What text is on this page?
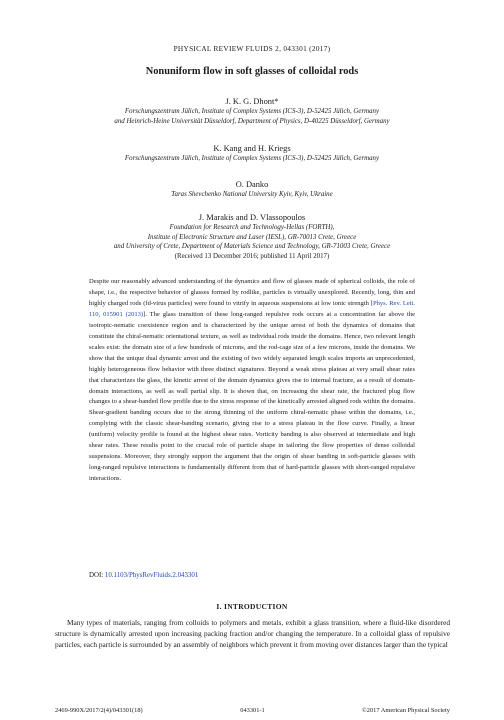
PHYSICAL REVIEW FLUIDS 2, 043301 (2017)
Nonuniform flow in soft glasses of colloidal rods
J. K. G. Dhont*
Forschungszentrum Jülich, Institute of Complex Systems (ICS-3), D-52425 Jülich, Germany
and Heinrich-Heine Universität Düsseldorf, Department of Physics, D-40225 Düsseldorf, Germany
K. Kang and H. Kriegs
Forschungszentrum Jülich, Institute of Complex Systems (ICS-3), D-52425 Jülich, Germany
O. Danko
Taras Shevchenko National University Kyiv, Kyiv, Ukraine
J. Marakis and D. Vlassopoulos
Foundation for Research and Technology-Hellas (FORTH),
Institute of Electronic Structure and Laser (IESL), GR-70013 Crete, Greece
and University of Crete, Department of Materials Science and Technology, GR-71003 Crete, Greece
(Received 13 December 2016; published 11 April 2017)
Despite our reasonably advanced understanding of the dynamics and flow of glasses made of spherical colloids, the role of shape, i.e., the respective behavior of glasses formed by rodlike, particles is virtually unexplored. Recently, long, thin and highly charged rods (fd-virus particles) were found to vitrify in aqueous suspensions at low ionic strength [Phys. Rev. Lett. 110, 015901 (2013)]. The glass transition of these long-ranged repulsive rods occurs at a concentration far above the isotropic-nematic coexistence region and is characterized by the unique arrest of both the dynamics of domains that constitute the chiral-nematic orientational texture, as well as individual rods inside the domains. Hence, two relevant length scales exist: the domain size of a few hundreds of microns, and the rod-cage size of a few microns, inside the domains. We show that the unique dual dynamic arrest and the existing of two widely separated length scales imports an unprecedented, highly heterogeneous flow behavior with three distinct signatures. Beyond a weak stress plateau at very small shear rates that characterizes the glass, the kinetic arrest of the domain dynamics gives rise to internal fracture, as a result of domain-domain interactions, as well as wall partial slip. It is shown that, on increasing the shear rate, the fractured plug flow changes to a shear-banded flow profile due to the stress response of the kinetically arrested aligned rods within the domains. Shear-gradient banding occurs due to the strong thinning of the uniform chiral-nematic phase within the domains, i.e., complying with the classic shear-banding scenario, giving rise to a stress plateau in the flow curve. Finally, a linear (uniform) velocity profile is found at the highest shear rates. Vorticity banding is also observed at intermediate and high shear rates. These results point to the crucial role of particle shape in tailoring the flow properties of dense colloidal suspensions. Moreover, they strongly support the argument that the origin of shear banding in soft-particle glasses with long-ranged repulsive interactions is fundamentally different from that of hard-particle glasses with short-ranged repulsive interactions.
DOI: 10.1103/PhysRevFluids.2.043301
I. INTRODUCTION
Many types of materials, ranging from colloids to polymers and metals, exhibit a glass transition, where a fluid-like disordered structure is dynamically arrested upon increasing packing fraction and/or changing the temperature. In a colloidal glass of repulsive particles, each particle is surrounded by an assembly of neighbors which prevent it from moving over distances larger than the typical
2469-990X/2017/2(4)/043301(18)	043301-1	©2017 American Physical Society
